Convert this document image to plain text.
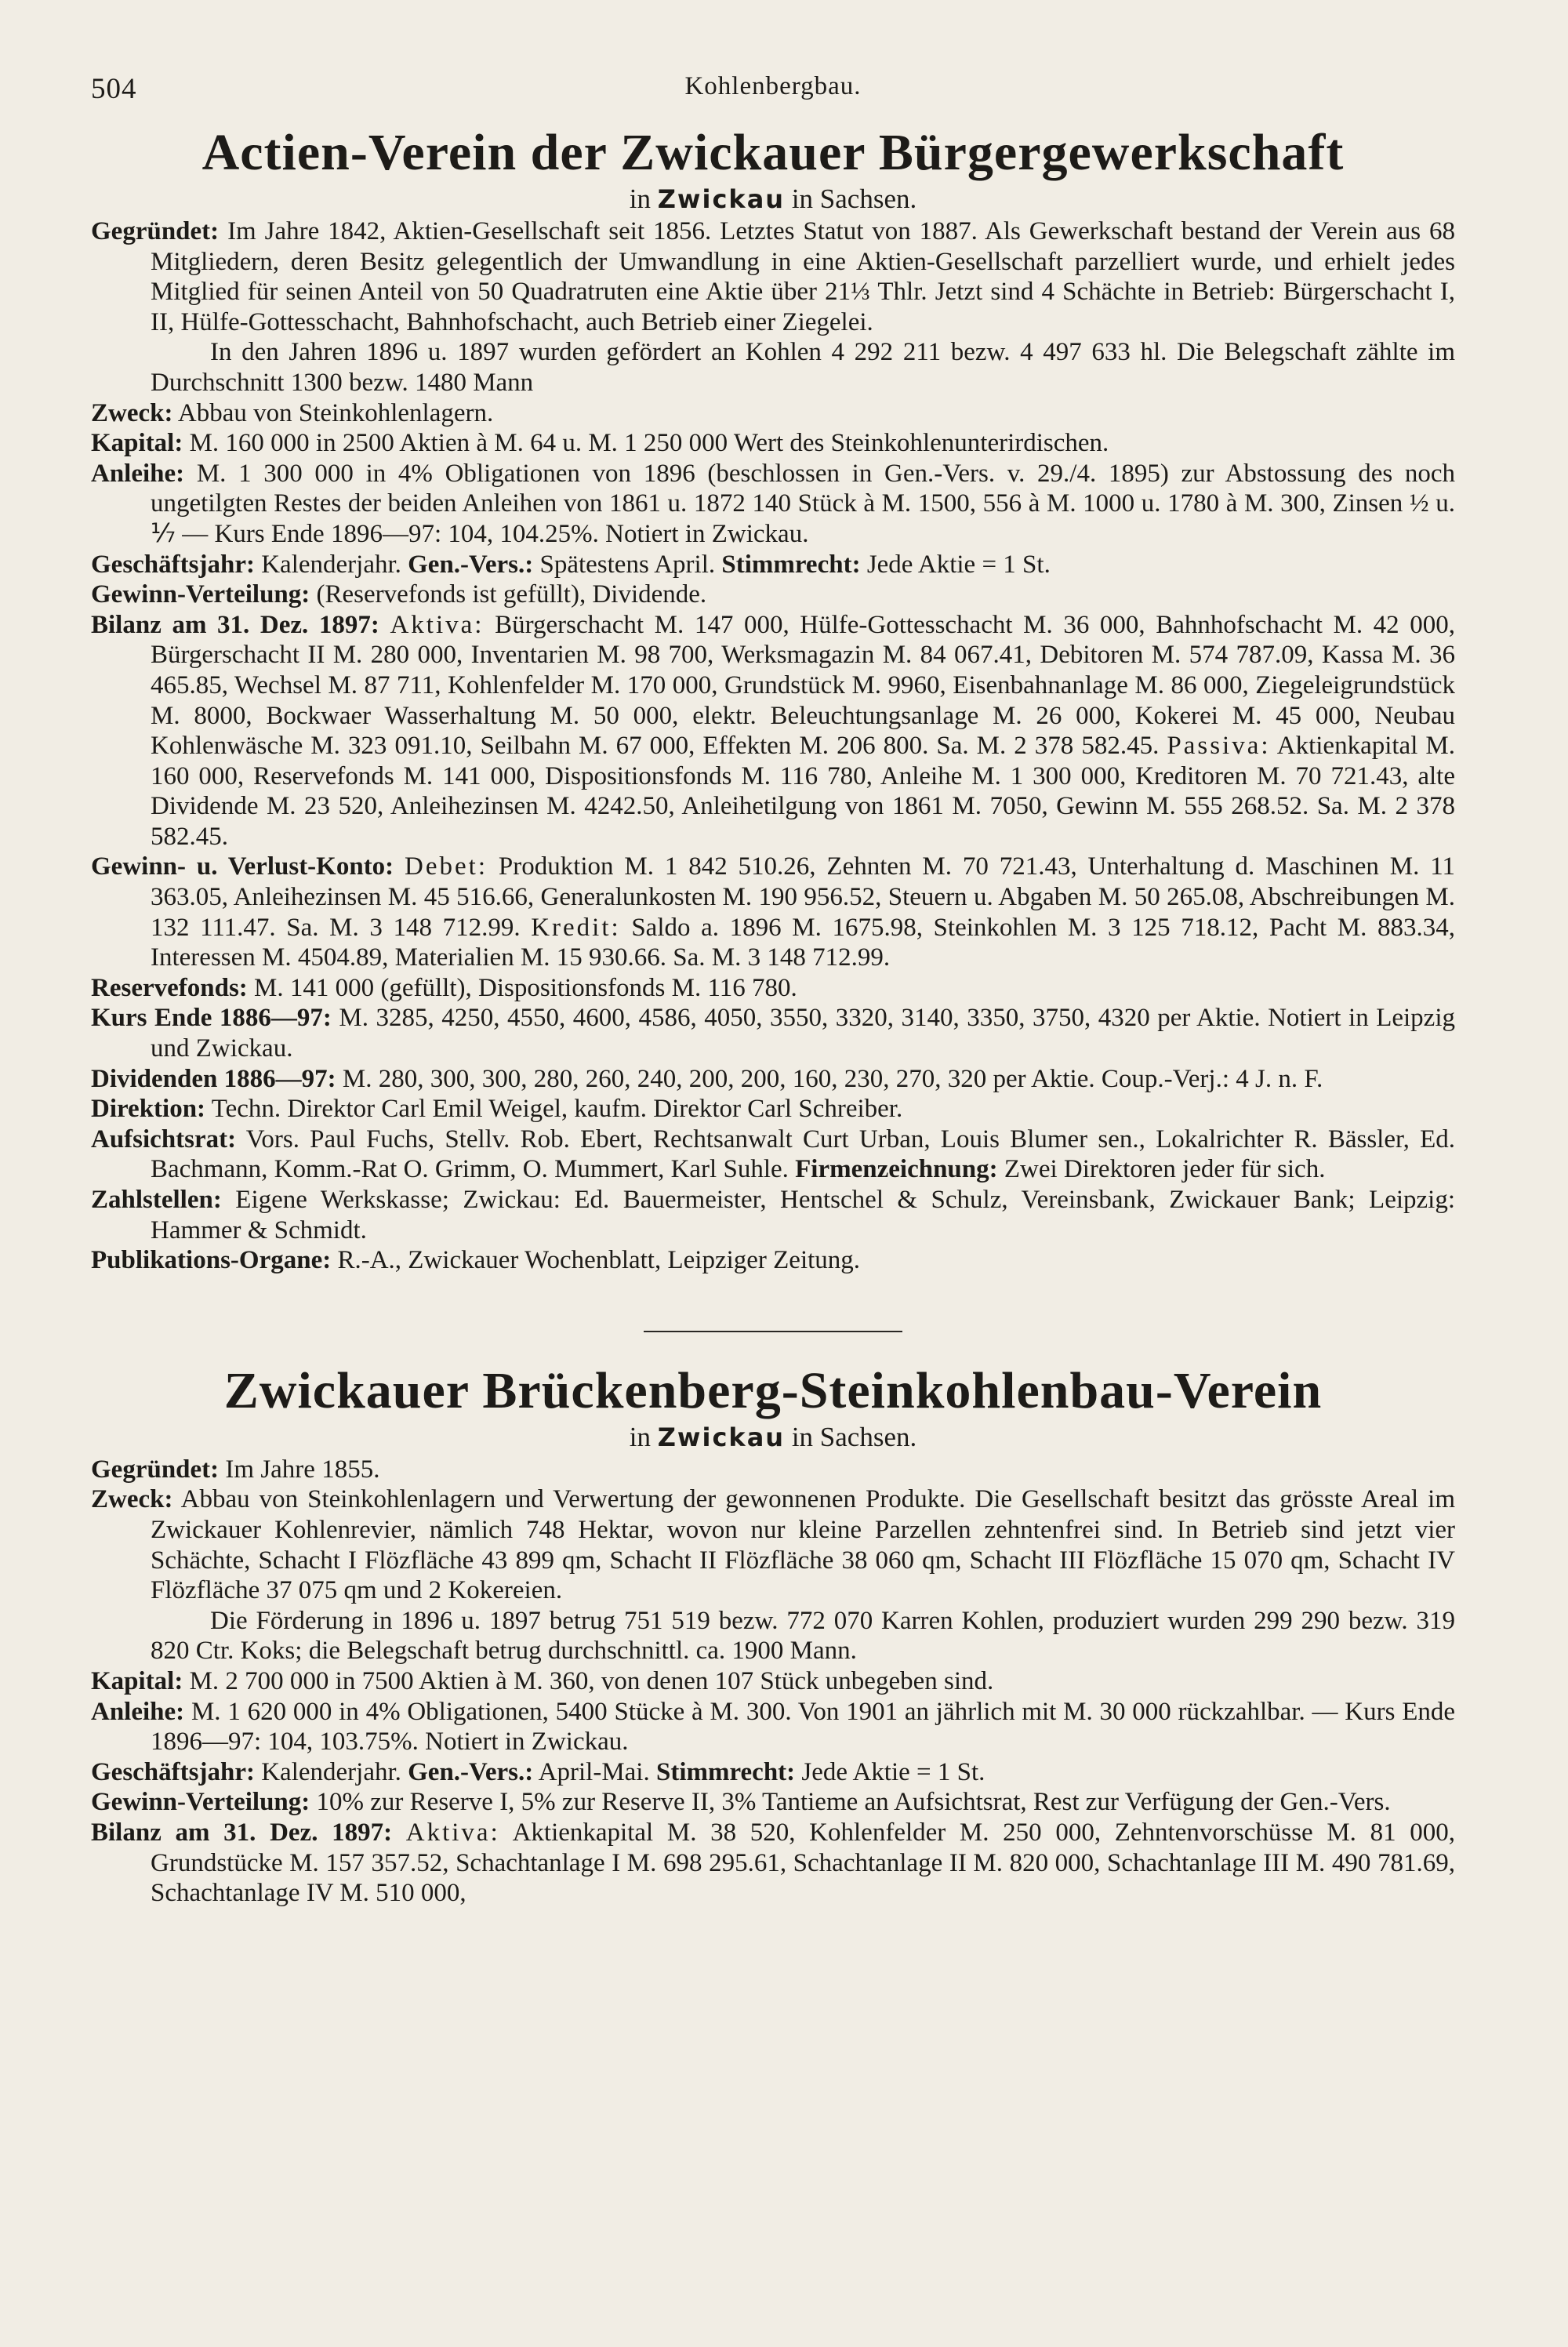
504	Kohlenbergbau.
Actien-Verein der Zwickauer Bürgergewerkschaft
in Zwickau in Sachsen.

Gegründet: Im Jahre 1842, Aktien-Gesellschaft seit 1856. Letztes Statut von 1887. Als Gewerkschaft bestand der Verein aus 68 Mitgliedern, deren Besitz gelegentlich der Umwandlung in eine Aktien-Gesellschaft parzelliert wurde, und erhielt jedes Mitglied für seinen Anteil von 50 Quadratruten eine Aktie über 21⅓ Thlr. Jetzt sind 4 Schächte in Betrieb: Bürgerschacht I, II, Hülfe-Gottesschacht, Bahnhofschacht, auch Betrieb einer Ziegelei.

In den Jahren 1896 u. 1897 wurden gefördert an Kohlen 4 292 211 bezw. 4 497 633 hl. Die Belegschaft zählte im Durchschnitt 1300 bezw. 1480 Mann

Zweck: Abbau von Steinkohlenlagern.

Kapital: M. 160 000 in 2500 Aktien à M. 64 u. M. 1 250 000 Wert des Steinkohlenunterirdischen.

Anleihe: M. 1 300 000 in 4% Obligationen von 1896 (beschlossen in Gen.-Vers. v. 29./4. 1895) zur Abstossung des noch ungetilgten Restes der beiden Anleihen von 1861 u. 1872 140 Stück à M. 1500, 556 à M. 1000 u. 1780 à M. 300, Zinsen ½ u. ⅐ — Kurs Ende 1896—97: 104, 104.25%. Notiert in Zwickau.

Geschäftsjahr: Kalenderjahr. Gen.-Vers.: Spätestens April. Stimmrecht: Jede Aktie = 1 St.

Gewinn-Verteilung: (Reservefonds ist gefüllt), Dividende.

Bilanz am 31. Dez. 1897: Aktiva: Bürgerschacht M. 147 000, Hülfe-Gottesschacht M. 36 000, Bahnhofschacht M. 42 000, Bürgerschacht II M. 280 000, Inventarien M. 98 700, Werksmagazin M. 84 067.41, Debitoren M. 574 787.09, Kassa M. 36 465.85, Wechsel M. 87 711, Kohlenfelder M. 170 000, Grundstück M. 9960, Eisenbahnanlage M. 86 000, Ziegeleigrundstück M. 8000, Bockwaer Wasserhaltung M. 50 000, elektr. Beleuchtungsanlage M. 26 000, Kokerei M. 45 000, Neubau Kohlenwäsche M. 323 091.10, Seilbahn M. 67 000, Effekten M. 206 800. Sa. M. 2 378 582.45. Passiva: Aktienkapital M. 160 000, Reservefonds M. 141 000, Dispositionsfonds M. 116 780, Anleihe M. 1 300 000, Kreditoren M. 70 721.43, alte Dividende M. 23 520, Anleihezinsen M. 4242.50, Anleihetilgung von 1861 M. 7050, Gewinn M. 555 268.52. Sa. M. 2 378 582.45.

Gewinn- u. Verlust-Konto: Debet: Produktion M. 1 842 510.26, Zehnten M. 70 721.43, Unterhaltung d. Maschinen M. 11 363.05, Anleihezinsen M. 45 516.66, Generalunkosten M. 190 956.52, Steuern u. Abgaben M. 50 265.08, Abschreibungen M. 132 111.47. Sa. M. 3 148 712.99. Kredit: Saldo a. 1896 M. 1675.98, Steinkohlen M. 3 125 718.12, Pacht M. 883.34, Interessen M. 4504.89, Materialien M. 15 930.66. Sa. M. 3 148 712.99.

Reservefonds: M. 141 000 (gefüllt), Dispositionsfonds M. 116 780.

Kurs Ende 1886—97: M. 3285, 4250, 4550, 4600, 4586, 4050, 3550, 3320, 3140, 3350, 3750, 4320 per Aktie. Notiert in Leipzig und Zwickau.

Dividenden 1886—97: M. 280, 300, 300, 280, 260, 240, 200, 200, 160, 230, 270, 320 per Aktie. Coup.-Verj.: 4 J. n. F.

Direktion: Techn. Direktor Carl Emil Weigel, kaufm. Direktor Carl Schreiber.

Aufsichtsrat: Vors. Paul Fuchs, Stellv. Rob. Ebert, Rechtsanwalt Curt Urban, Louis Blumer sen., Lokalrichter R. Bässler, Ed. Bachmann, Komm.-Rat O. Grimm, O. Mummert, Karl Suhle. Firmenzeichnung: Zwei Direktoren jeder für sich.

Zahlstellen: Eigene Werkskasse; Zwickau: Ed. Bauermeister, Hentschel & Schulz, Vereinsbank, Zwickauer Bank; Leipzig: Hammer & Schmidt.

Publikations-Organe: R.-A., Zwickauer Wochenblatt, Leipziger Zeitung.

Zwickauer Brückenberg-Steinkohlenbau-Verein
in Zwickau in Sachsen.

Gegründet: Im Jahre 1855.

Zweck: Abbau von Steinkohlenlagern und Verwertung der gewonnenen Produkte. Die Gesellschaft besitzt das grösste Areal im Zwickauer Kohlenrevier, nämlich 748 Hektar, wovon nur kleine Parzellen zehntenfrei sind. In Betrieb sind jetzt vier Schächte, Schacht I Flözfläche 43 899 qm, Schacht II Flözfläche 38 060 qm, Schacht III Flözfläche 15 070 qm, Schacht IV Flözfläche 37 075 qm und 2 Kokereien.

Die Förderung in 1896 u. 1897 betrug 751 519 bezw. 772 070 Karren Kohlen, produziert wurden 299 290 bezw. 319 820 Ctr. Koks; die Belegschaft betrug durchschnittl. ca. 1900 Mann.

Kapital: M. 2 700 000 in 7500 Aktien à M. 360, von denen 107 Stück unbegeben sind.

Anleihe: M. 1 620 000 in 4% Obligationen, 5400 Stücke à M. 300. Von 1901 an jährlich mit M. 30 000 rückzahlbar. — Kurs Ende 1896—97: 104, 103.75%. Notiert in Zwickau.

Geschäftsjahr: Kalenderjahr. Gen.-Vers.: April-Mai. Stimmrecht: Jede Aktie = 1 St.

Gewinn-Verteilung: 10% zur Reserve I, 5% zur Reserve II, 3% Tantieme an Aufsichtsrat, Rest zur Verfügung der Gen.-Vers.

Bilanz am 31. Dez. 1897: Aktiva: Aktienkapital M. 38 520, Kohlenfelder M. 250 000, Zehntenvorschüsse M. 81 000, Grundstücke M. 157 357.52, Schachtanlage I M. 698 295.61, Schachtanlage II M. 820 000, Schachtanlage III M. 490 781.69, Schachtanlage IV M. 510 000,
